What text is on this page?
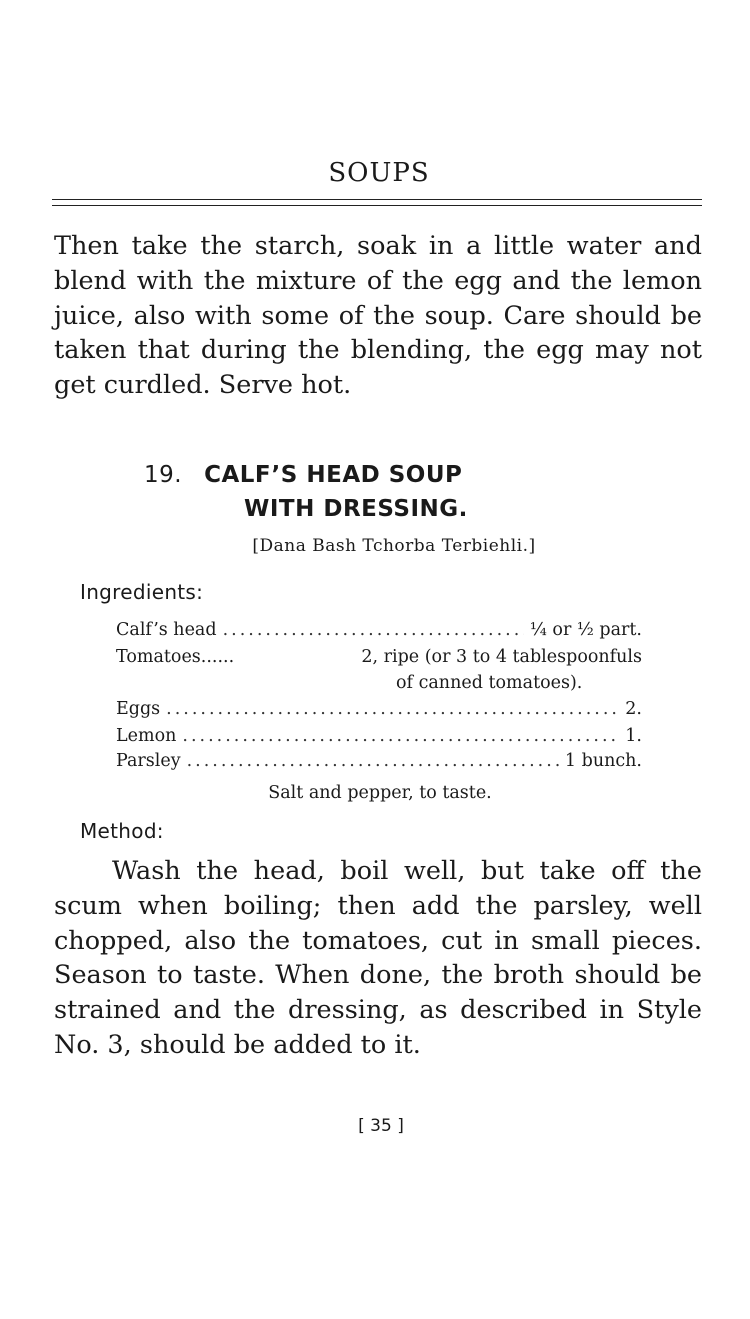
SOUPS

Then take the starch, soak in a little water and blend with the mixture of the egg and the lemon juice, also with some of the soup. Care should be taken that during the blending, the egg may not get curdled. Serve hot.

19. CALF’S HEAD SOUP
WITH DRESSING.
[Dana Bash Tchorba Terbiehli.]
Ingredients:
Calf’s head .....	¼ or ½ part.
Tomatoes......	2, ripe (or 3 to 4 tablespoonfuls
of canned tomatoes).
Eggs .....	2.
Lemon .....	1.
Parsley .....	1 bunch.
Salt and pepper, to taste.
Method:

Wash the head, boil well, but take off the scum when boiling; then add the parsley, well chopped, also the tomatoes, cut in small pieces. Season to taste. When done, the broth should be strained and the dressing, as described in Style No. 3, should be added to it.

[ 35 ]
